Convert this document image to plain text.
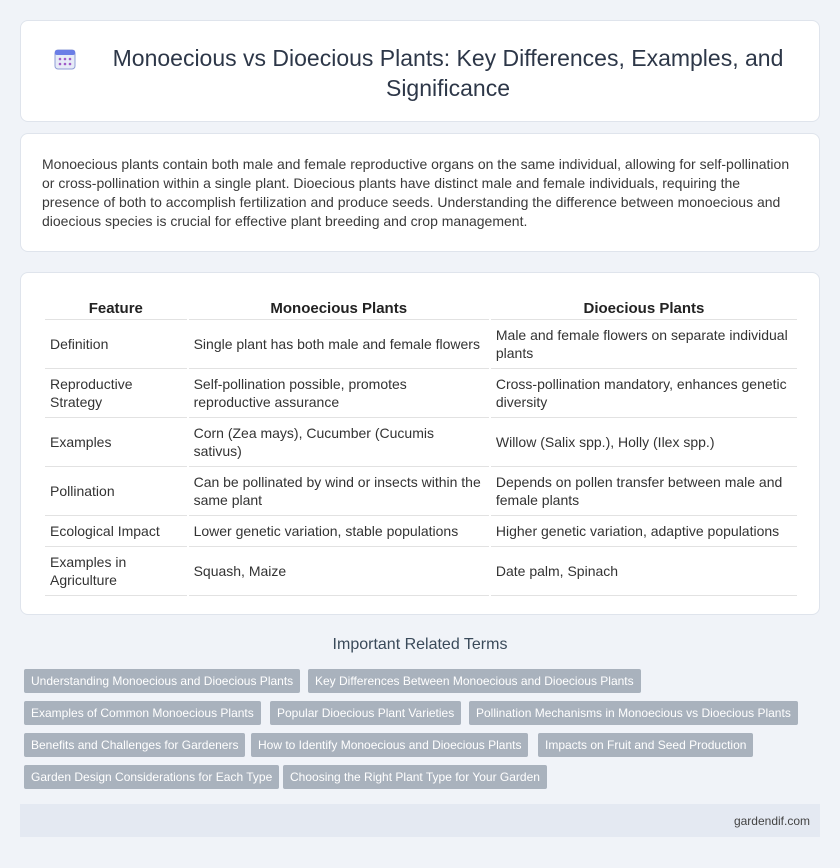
Monoecious vs Dioecious Plants: Key Differences, Examples, and Significance

Monoecious plants contain both male and female reproductive organs on the same individual, allowing for self-pollination or cross-pollination within a single plant. Dioecious plants have distinct male and female individuals, requiring the presence of both to accomplish fertilization and produce seeds. Understanding the difference between monoecious and dioecious species is crucial for effective plant breeding and crop management.

Feature	Monoecious Plants	Dioecious Plants
Definition	Single plant has both male and female flowers	Male and female flowers on separate individual plants
Reproductive Strategy	Self-pollination possible, promotes reproductive assurance	Cross-pollination mandatory, enhances genetic diversity
Examples	Corn (Zea mays), Cucumber (Cucumis sativus)	Willow (Salix spp.), Holly (Ilex spp.)
Pollination	Can be pollinated by wind or insects within the same plant	Depends on pollen transfer between male and female plants
Ecological Impact	Lower genetic variation, stable populations	Higher genetic variation, adaptive populations
Examples in Agriculture	Squash, Maize	Date palm, Spinach
Important Related Terms
Understanding Monoecious and Dioecious Plants	Key Differences Between Monoecious and Dioecious Plants
Examples of Common Monoecious Plants	Popular Dioecious Plant Varieties	Pollination Mechanisms in Monoecious vs Dioecious Plants
Benefits and Challenges for Gardeners	How to Identify Monoecious and Dioecious Plants	Impacts on Fruit and Seed Production
Garden Design Considerations for Each Type	Choosing the Right Plant Type for Your Garden
gardendif.com
